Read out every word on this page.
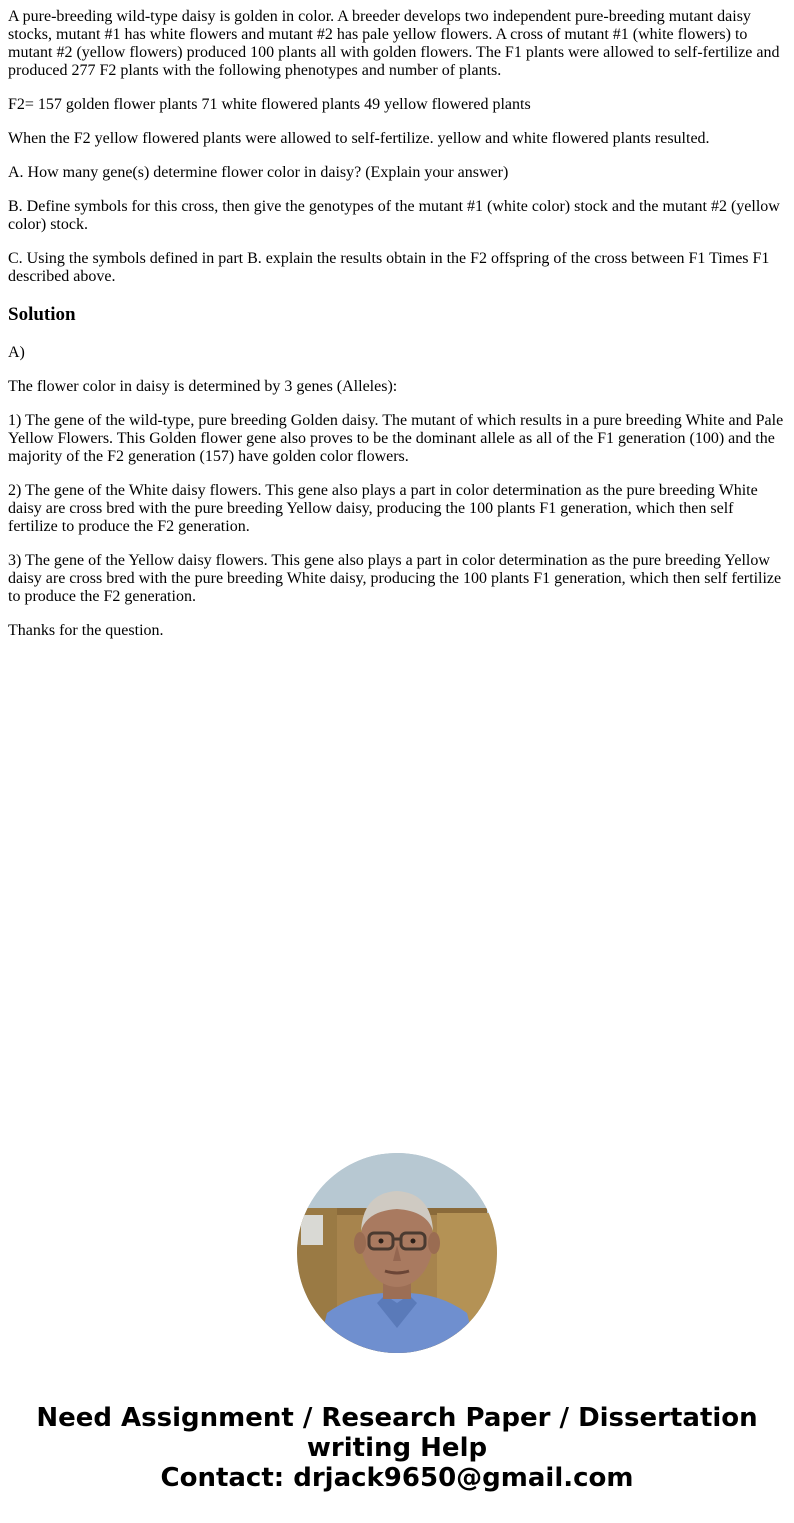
A pure-breeding wild-type daisy is golden in color. A breeder develops two independent pure-breeding mutant daisy stocks, mutant #1 has white flowers and mutant #2 has pale yellow flowers. A cross of mutant #1 (white flowers) to mutant #2 (yellow flowers) produced 100 plants all with golden flowers. The F1 plants were allowed to self-fertilize and produced 277 F2 plants with the following phenotypes and number of plants.

F2= 157 golden flower plants 71 white flowered plants 49 yellow flowered plants

When the F2 yellow flowered plants were allowed to self-fertilize. yellow and white flowered plants resulted.

A. How many gene(s) determine flower color in daisy? (Explain your answer)

B. Define symbols for this cross, then give the genotypes of the mutant #1 (white color) stock and the mutant #2 (yellow color) stock.

C. Using the symbols defined in part B. explain the results obtain in the F2 offspring of the cross between F1 Times F1 described above.

Solution

A)

The flower color in daisy is determined by 3 genes (Alleles):

1) The gene of the wild-type, pure breeding Golden daisy. The mutant of which results in a pure breeding White and Pale Yellow Flowers. This Golden flower gene also proves to be the dominant allele as all of the F1 generation (100) and the majority of the F2 generation (157) have golden color flowers.

2) The gene of the White daisy flowers. This gene also plays a part in color determination as the pure breeding White daisy are cross bred with the pure breeding Yellow daisy, producing the 100 plants F1 generation, which then self fertilize to produce the F2 generation.

3) The gene of the Yellow daisy flowers. This gene also plays a part in color determination as the pure breeding Yellow daisy are cross bred with the pure breeding White daisy, producing the 100 plants F1 generation, which then self fertilize to produce the F2 generation.

Thanks for the question.

Need Assignment / Research Paper / Dissertation
writing Help
Contact: drjack9650@gmail.com
